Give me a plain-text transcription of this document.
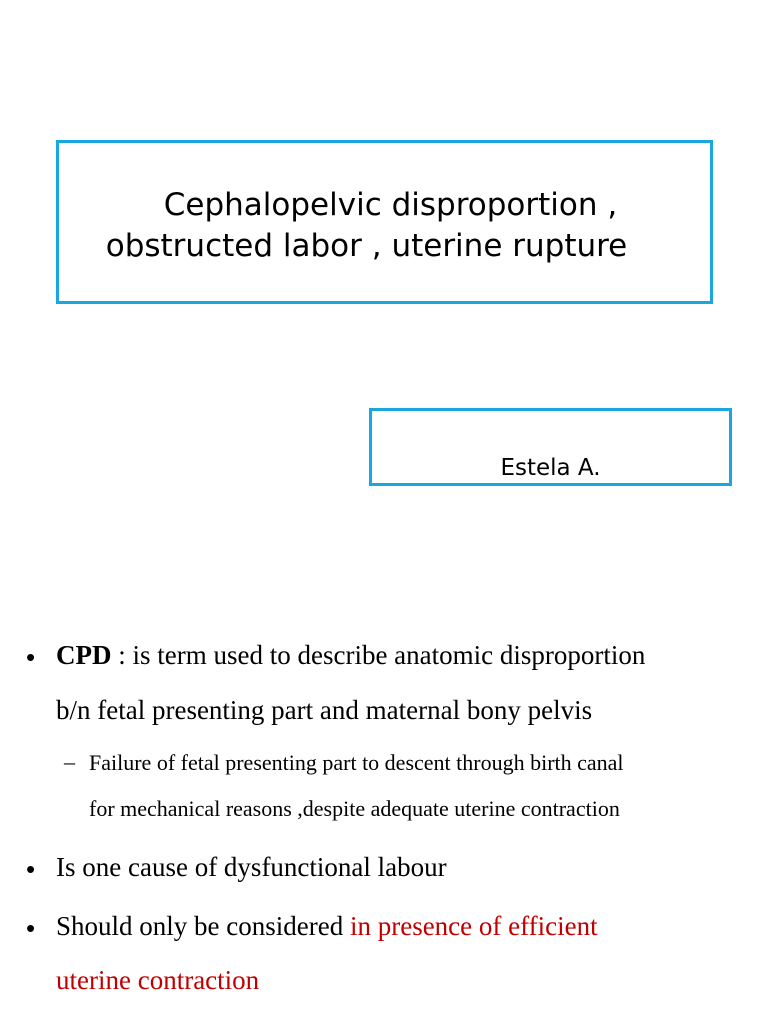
Cephalopelvic disproportion ,
obstructed labor , uterine rupture
Estela A.
• CPD : is term used to describe anatomic disproportion
b/n fetal presenting part and maternal bony pelvis
– Failure of fetal presenting part to descent through birth canal
for mechanical reasons ,despite adequate uterine contraction
• Is one cause of dysfunctional labour
• Should only be considered in presence of efficient
uterine contraction
